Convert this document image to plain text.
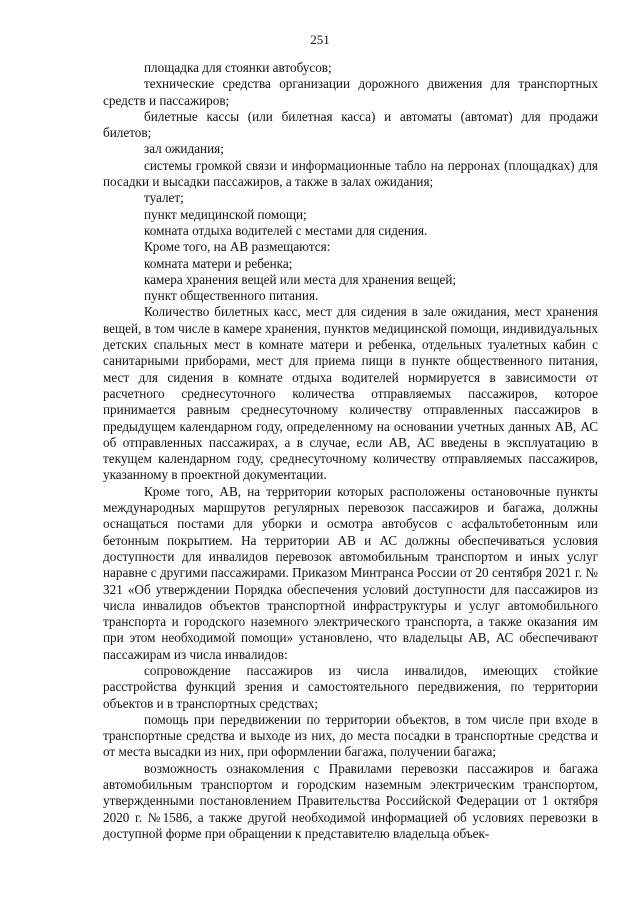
251

площадка для стоянки автобусов;

технические средства организации дорожного движения для транспортных средств и пассажиров;

билетные кассы (или билетная касса) и автоматы (автомат) для продажи билетов;

зал ожидания;

системы громкой связи и информационные табло на перронах (площадках) для посадки и высадки пассажиров, а также в залах ожидания;

туалет;

пункт медицинской помощи;

комната отдыха водителей с местами для сидения.

Кроме того, на АВ размещаются:

комната матери и ребенка;

камера хранения вещей или места для хранения вещей;

пункт общественного питания.

Количество билетных касс, мест для сидения в зале ожидания, мест хранения вещей, в том числе в камере хранения, пунктов медицинской помощи, индивидуальных детских спальных мест в комнате матери и ребенка, отдельных туалетных кабин с санитарными приборами, мест для приема пищи в пункте общественного питания, мест для сидения в комнате отдыха водителей нормируется в зависимости от расчетного среднесуточного количества отправляемых пассажиров, которое принимается равным среднесуточному количеству отправленных пассажиров в предыдущем календарном году, определенному на основании учетных данных АВ, АС об отправленных пассажирах, а в случае, если АВ, АС введены в эксплуатацию в текущем календарном году, среднесуточному количеству отправляемых пассажиров, указанному в проектной документации.

Кроме того, АВ, на территории которых расположены остановочные пункты международных маршрутов регулярных перевозок пассажиров и багажа, должны оснащаться постами для уборки и осмотра автобусов с асфальтобетонным или бетонным покрытием. На территории АВ и АС должны обеспечиваться условия доступности для инвалидов перевозок автомобильным транспортом и иных услуг наравне с другими пассажирами. Приказом Минтранса России от 20 сентября 2021 г. № 321 «Об утверждении Порядка обеспечения условий доступности для пассажиров из числа инвалидов объектов транспортной инфраструктуры и услуг автомобильного транспорта и городского наземного электрического транспорта, а также оказания им при этом необходимой помощи» установлено, что владельцы АВ, АС обеспечивают пассажирам из числа инвалидов:

сопровождение пассажиров из числа инвалидов, имеющих стойкие расстройства функций зрения и самостоятельного передвижения, по территории объектов и в транспортных средствах;

помощь при передвижении по территории объектов, в том числе при входе в транспортные средства и выходе из них, до места посадки в транспортные средства и от места высадки из них, при оформлении багажа, получении багажа;

возможность ознакомления с Правилами перевозки пассажиров и багажа автомобильным транспортом и городским наземным электрическим транспортом, утвержденными постановлением Правительства Российской Федерации от 1 октября 2020 г. №1586, а также другой необходимой информацией об условиях перевозки в доступной форме при обращении к представителю владельца объек-
